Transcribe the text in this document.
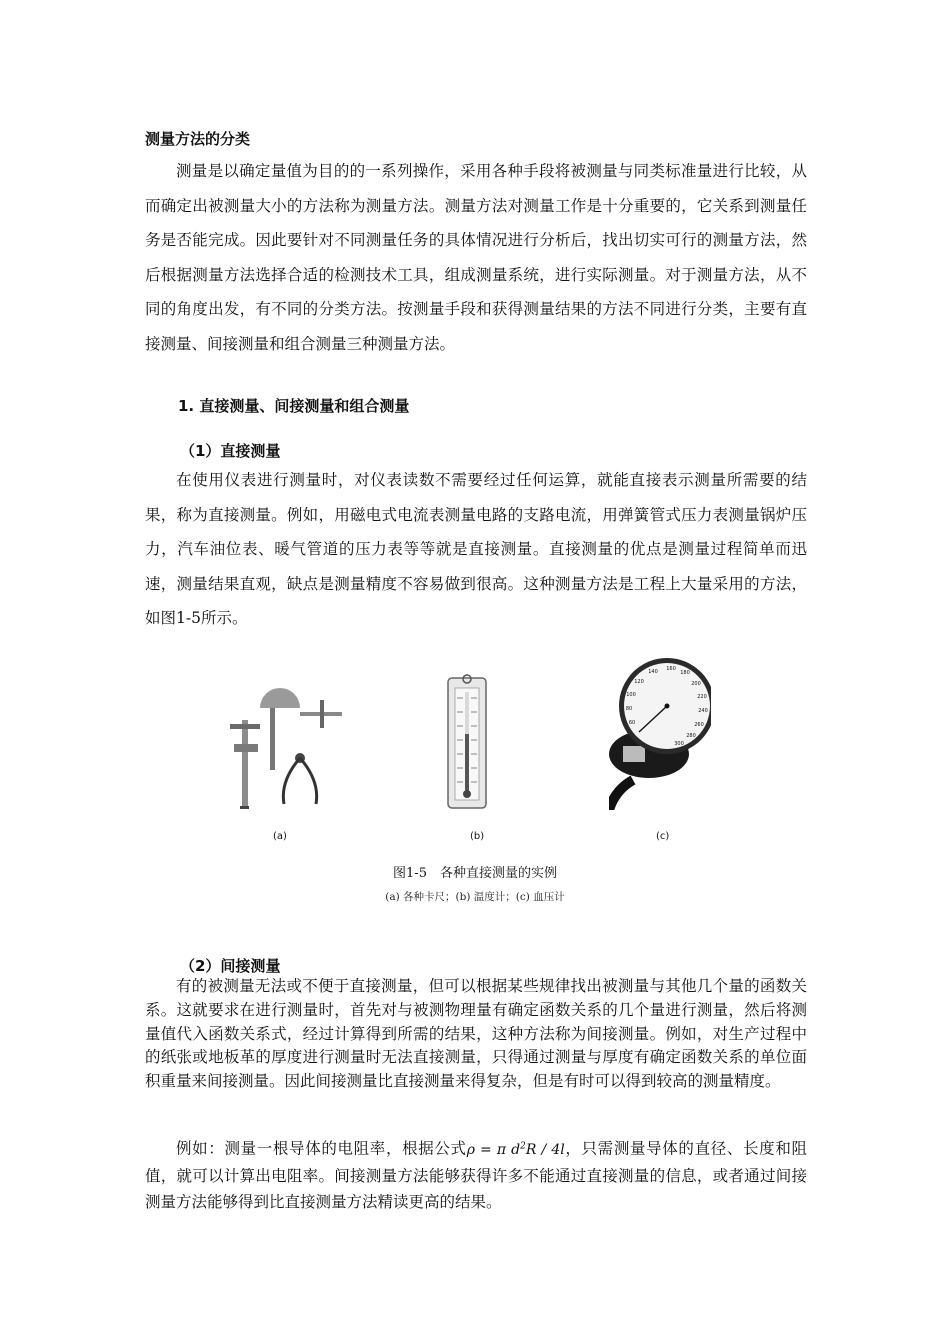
测量方法的分类

测量是以确定量值为目的的一系列操作，采用各种手段将被测量与同类标准量进行比较，从而确定出被测量大小的方法称为测量方法。测量方法对测量工作是十分重要的，它关系到测量任务是否能完成。因此要针对不同测量任务的具体情况进行分析后，找出切实可行的测量方法，然后根据测量方法选择合适的检测技术工具，组成测量系统，进行实际测量。对于测量方法，从不同的角度出发，有不同的分类方法。按测量手段和获得测量结果的方法不同进行分类，主要有直接测量、间接测量和组合测量三种测量方法。

1. 直接测量、间接测量和组合测量
（1）直接测量

在使用仪表进行测量时，对仪表读数不需要经过任何运算，就能直接表示测量所需要的结果，称为直接测量。例如，用磁电式电流表测量电路的支路电流，用弹簧管式压力表测量锅炉压力，汽车油位表、暖气管道的压力表等等就是直接测量。直接测量的优点是测量过程简单而迅速，测量结果直观，缺点是测量精度不容易做到很高。这种测量方法是工程上大量采用的方法，如图1-5所示。

(a)	(b)
60
80
100
120
140 160
180
200
220
240
260
280
300
(c)
图1-5　各种直接测量的实例
(a) 各种卡尺；(b) 温度计；(c) 血压计
（2）间接测量

有的被测量无法或不便于直接测量，但可以根据某些规律找出被测量与其他几个量的函数关系。这就要求在进行测量时，首先对与被测物理量有确定函数关系的几个量进行测量，然后将测量值代入函数关系式，经过计算得到所需的结果，这种方法称为间接测量。例如，对生产过程中的纸张或地板革的厚度进行测量时无法直接测量，只得通过测量与厚度有确定函数关系的单位面积重量来间接测量。因此间接测量比直接测量来得复杂，但是有时可以得到较高的测量精度。

例如：测量一根导体的电阻率，根据公式ρ = π $d^2R / 4l$，只需测量导体的直径、长度和阻值，就可以计算出电阻率。间接测量方法能够获得许多不能通过直接测量的信息，或者通过间接测量方法能够得到比直接测量方法精读更高的结果。
